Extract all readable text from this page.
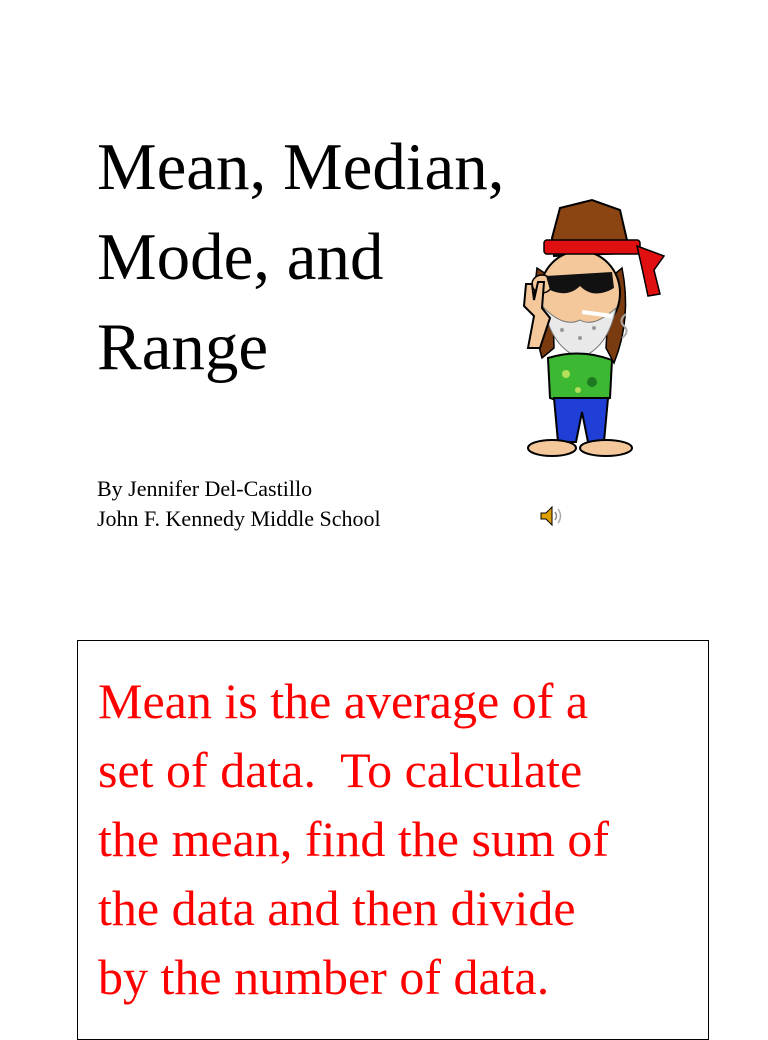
Mean, Median,
Mode, and
Range
By Jennifer Del-Castillo
John F. Kennedy Middle School

Mean is the average of a
set of data.  To calculate
the mean, find the sum of
the data and then divide
by the number of data.
